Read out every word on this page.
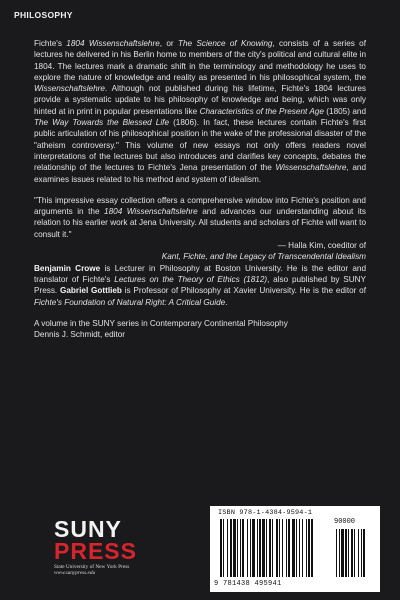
PHILOSOPHY

Fichte's 1804 Wissenschaftslehre, or The Science of Knowing, consists of a series of lectures he delivered in his Berlin home to members of the city's political and cultural elite in 1804. The lectures mark a dramatic shift in the terminology and methodology he uses to explore the nature of knowledge and reality as presented in his philosophical system, the Wissenschaftslehre. Although not published during his lifetime, Fichte's 1804 lectures provide a systematic update to his philosophy of knowledge and being, which was only hinted at in print in popular presentations like Characteristics of the Present Age (1805) and The Way Towards the Blessed Life (1806). In fact, these lectures contain Fichte's first public articulation of his philosophical position in the wake of the professional disaster of the "atheism controversy." This volume of new essays not only offers readers novel interpretations of the lectures but also introduces and clarifies key concepts, debates the relationship of the lectures to Fichte's Jena presentation of the Wissenschaftslehre, and examines issues related to his method and system of idealism.

"This impressive essay collection offers a comprehensive window into Fichte's position and arguments in the 1804 Wissenschaftslehre and advances our understanding about its relation to his earlier work at Jena University. All students and scholars of Fichte will want to consult it."

— Halla Kim, coeditor of
Kant, Fichte, and the Legacy of Transcendental Idealism

Benjamin Crowe is Lecturer in Philosophy at Boston University. He is the editor and translator of Fichte's Lectures on the Theory of Ethics (1812), also published by SUNY Press. Gabriel Gottlieb is Professor of Philosophy at Xavier University. He is the editor of Fichte's Foundation of Natural Right: A Critical Guide.

A volume in the SUNY series in Contemporary Continental Philosophy
Dennis J. Schmidt, editor
SUNY
PRESS
State University of New York Press
www.sunypress.edu
ISBN 978-1-4384-9594-1
90000
9 781438 495941
